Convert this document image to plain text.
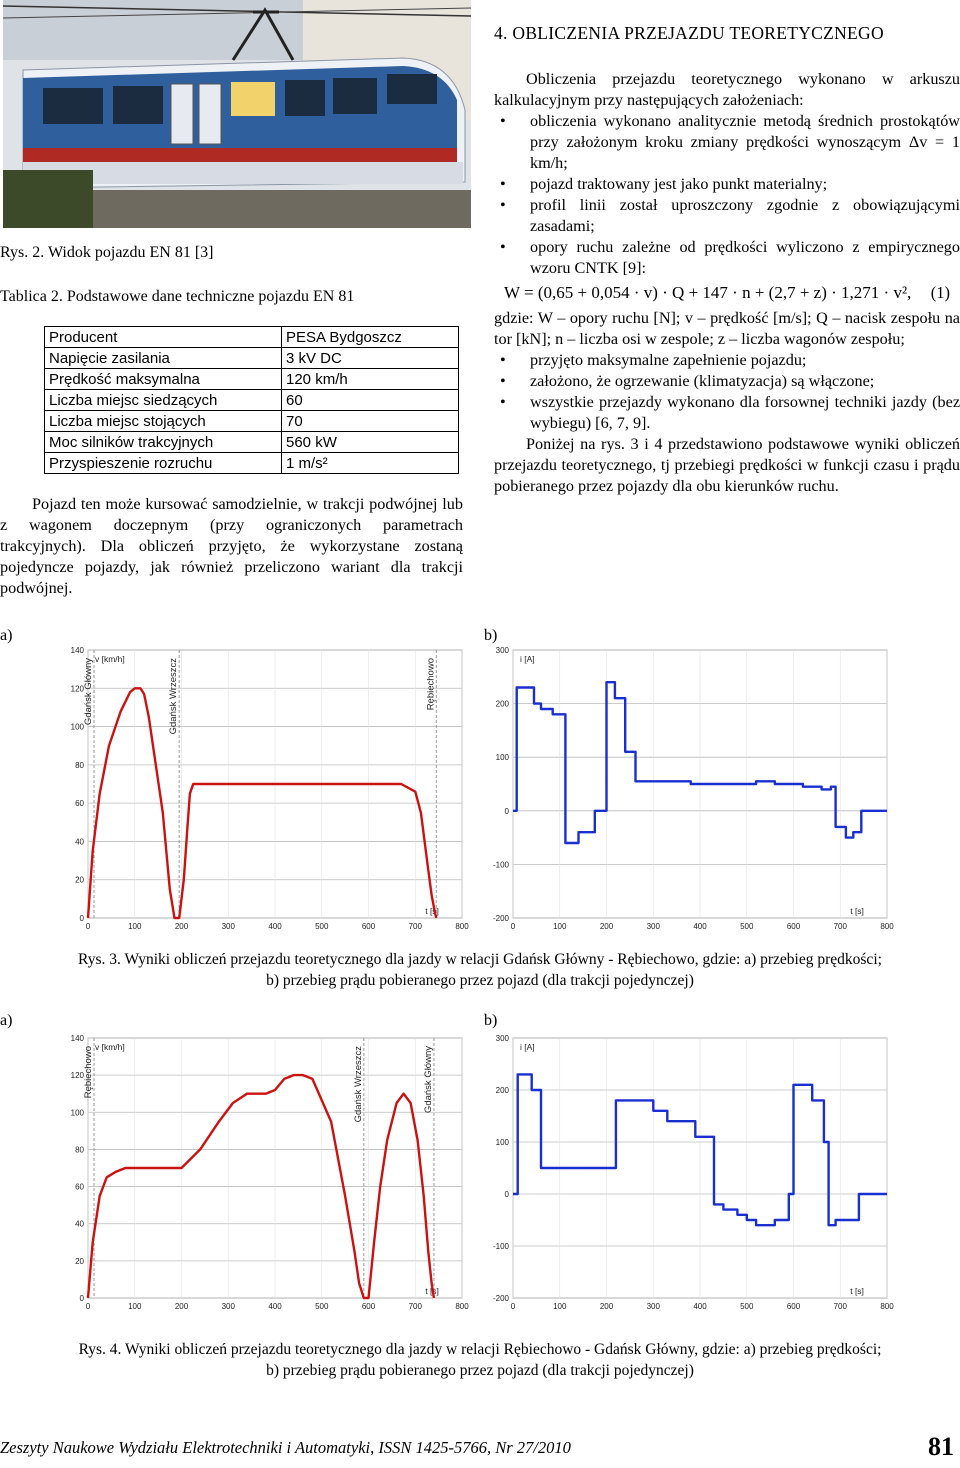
Rys. 2. Widok pojazdu EN 81 [3]
Tablica 2. Podstawowe dane techniczne pojazdu EN 81
Producent	PESA Bydgoszcz
Napięcie zasilania	3 kV DC
Prędkość maksymalna	120 km/h
Liczba miejsc siedzących	60
Liczba miejsc stojących	70
Moc silników trakcyjnych	560 kW
Przyspieszenie rozruchu	1 m/s²
Pojazd ten może kursować samodzielnie, w trakcji podwójnej lub z wagonem doczepnym (przy ograniczonych parametrach trakcyjnych). Dla obliczeń przyjęto, że wykorzystane zostaną pojedyncze pojazdy, jak również przeliczono wariant dla trakcji podwójnej.
4. OBLICZENIA PRZEJAZDU TEORETYCZNEGO

Obliczenia przejazdu teoretycznego wykonano w arkuszu kalkulacyjnym przy następujących założeniach:

• obliczenia wykonano analitycznie metodą średnich prostokątów przy założonym kroku zmiany prędkości wynoszącym Δv = 1 km/h;
• pojazd traktowany jest jako punkt materialny;
• profil linii został uproszczony zgodnie z obowiązującymi zasadami;
• opory ruchu zależne od prędkości wyliczono z empirycznego wzoru CNTK [9]:
W = (0,65 + 0,054 · v) · Q + 147 · n + (2,7 + z) · 1,271 · v², (1)

gdzie: W – opory ruchu [N]; v – prędkość [m/s]; Q – nacisk zespołu na tor [kN]; n – liczba osi w zespole; z – liczba wagonów zespołu;

• przyjęto maksymalne zapełnienie pojazdu;
• założono, że ogrzewanie (klimatyzacja) są włączone;
• wszystkie przejazdy wykonano dla forsownej techniki jazdy (bez wybiegu) [6, 7, 9].

Poniżej na rys. 3 i 4 przedstawiono podstawowe wyniki obliczeń przejazdu teoretycznego, tj przebiegi prędkości w funkcji czasu i prądu pobieranego przez pojazdy dla obu kierunków ruchu.

a)	b)
0
20
40
60
80
100
120
140
0	100	200	300	400	500	600	700	800
Gdańsk Główny	Gdańsk Wrzeszcz	Rębiechowo
v [km/h]
t [s]
-200
-100
0
100
200
300
0	100	200	300	400	500	600	700	800
i [A]
t [s]
Rys. 3. Wyniki obliczeń przejazdu teoretycznego dla jazdy w relacji Gdańsk Główny - Rębiechowo, gdzie: a) przebieg prędkości;
b) przebieg prądu pobieranego przez pojazd (dla trakcji pojedynczej)
a)	b)
0
20
40
60
80
100
120
140
0	100	200	300	400	500	600	700	800
Rębiechowo	Gdańsk Wrzeszcz	Gdańsk Główny
v [km/h]
t [s]
-200
-100
0
100
200
300
0	100	200	300	400	500	600	700	800
i [A]
t [s]
Rys. 4. Wyniki obliczeń przejazdu teoretycznego dla jazdy w relacji Rębiechowo - Gdańsk Główny, gdzie: a) przebieg prędkości;
b) przebieg prądu pobieranego przez pojazd (dla trakcji pojedynczej)
Zeszyty Naukowe Wydziału Elektrotechniki i Automatyki, ISSN 1425-5766, Nr 27/2010	81
